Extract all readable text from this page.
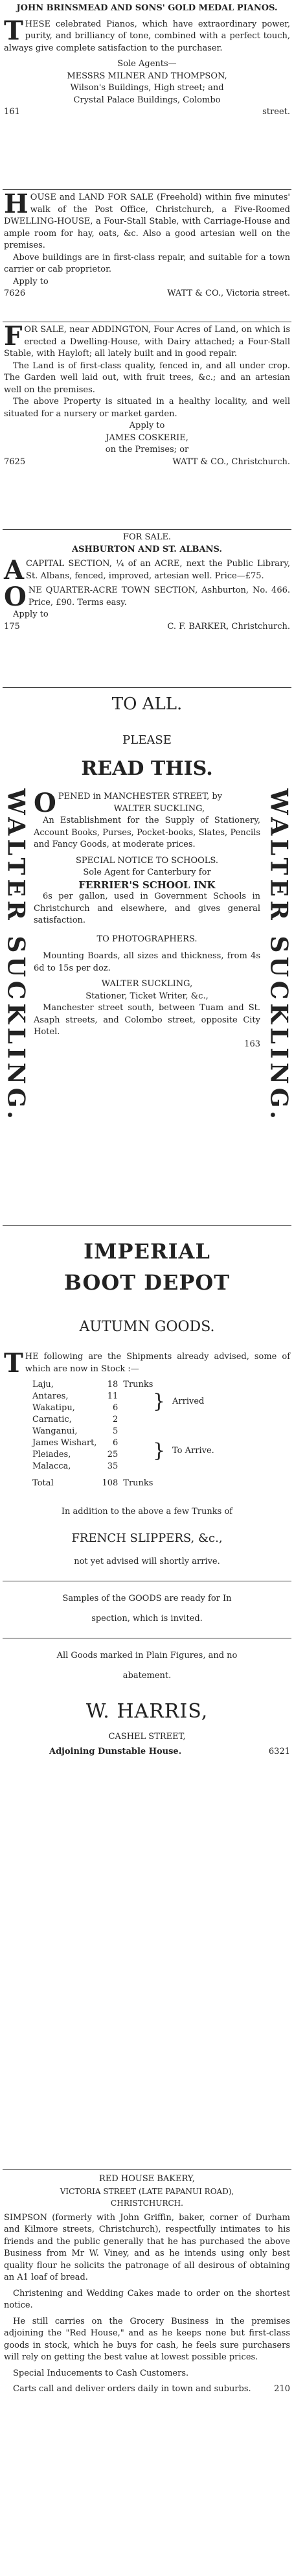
JOHN BRINSMEAD AND SONS' GOLD MEDAL PIANOS.
THESE celebrated Pianos, which have extraordinary power, purity, and brilliancy of tone, combined with a perfect touch, always give complete satisfaction to the purchaser.
Sole Agents—
MESSRS MILNER AND THOMPSON,
Wilson's Buildings, High street; and
Crystal Palace Buildings, Colombo
161	street.
HOUSE and LAND FOR SALE (Freehold) within five minutes' walk of the Post Office, Christchurch, a Five-Roomed DWELLING-HOUSE, a Four-Stall Stable, with Carriage-House and ample room for hay, oats, &c. Also a good artesian well on the premises.
Above buildings are in first-class repair, and suitable for a town carrier or cab proprietor.
Apply to
7626	WATT & CO., Victoria street.
FOR SALE, near ADDINGTON, Four Acres of Land, on which is erected a Dwelling-House, with Dairy attached; a Four-Stall Stable, with Hayloft; all lately built and in good repair.
The Land is of first-class quality, fenced in, and all under crop. The Garden well laid out, with fruit trees, &c.; and an artesian well on the premises.
The above Property is situated in a healthy locality, and well situated for a nursery or market garden.
Apply to
JAMES COSKERIE,
on the Premises; or
7625	WATT & CO., Christchurch.
FOR SALE.
ASHBURTON AND ST. ALBANS.
ACAPITAL SECTION, ¼ of an ACRE, next the Public Library, St. Albans, fenced, improved, artesian well. Price—£75.
ONE QUARTER-ACRE TOWN SECTION, Ashburton, No. 466. Price, £90. Terms easy.
Apply to
175	C. F. BARKER, Christchurch.
WALTER SUCKLING.	WALTER SUCKLING.
TO ALL.
PLEASE
READ THIS.
OPENED in MANCHESTER STREET, by
WALTER SUCKLING,
An Establishment for the Supply of Stationery, Account Books, Purses, Pocket-books, Slates, Pencils and Fancy Goods, at moderate prices.
SPECIAL NOTICE TO SCHOOLS.
Sole Agent for Canterbury for
FERRIER'S SCHOOL INK
6s per gallon, used in Government Schools in Christchurch and elsewhere, and gives general satisfaction.
TO PHOTOGRAPHERS.
Mounting Boards, all sizes and thickness, from 4s 6d to 15s per doz.
WALTER SUCKLING,
Stationer, Ticket Writer, &c.,
Manchester street south, between Tuam and St. Asaph streets, and Colombo street, opposite City Hotel.
163
IMPERIAL
BOOT DEPOT
AUTUMN GOODS.
THE following are the Shipments already advised, some of which are now in Stock :—
Laju,	18	Trunks
Antares,	11	
Wakatipu,	6	
Carnatic,	2	
Wanganui,	5	
James Wishart,	6	
Pleiades,	25	
Malacca,	35	
Total	108	Trunks
} Arrived
} To Arrive.
In addition to the above a few Trunks of
FRENCH SLIPPERS, &c.,
not yet advised will shortly arrive.
Samples of the GOODS are ready for In
spection, which is invited.
All Goods marked in Plain Figures, and no
abatement.
W. HARRIS,
CASHEL STREET,
Adjoining Dunstable House.	6321
RED HOUSE BAKERY,
VICTORIA STREET (LATE PAPANUI ROAD),
CHRISTCHURCH.
SIMPSON (formerly with John Griffin, baker, corner of Durham and Kilmore streets, Christchurch), respectfully intimates to his friends and the public generally that he has purchased the above Business from Mr W. Viney, and as he intends using only best quality flour he solicits the patronage of all desirous of obtaining an A1 loaf of bread.
Christening and Wedding Cakes made to order on the shortest notice.
He still carries on the Grocery Business in the premises adjoining the "Red House," and as he keeps none but first-class goods in stock, which he buys for cash, he feels sure purchasers will rely on getting the best value at lowest possible prices.
Special Inducements to Cash Customers.
Carts call and deliver orders daily in town and suburbs.	210
